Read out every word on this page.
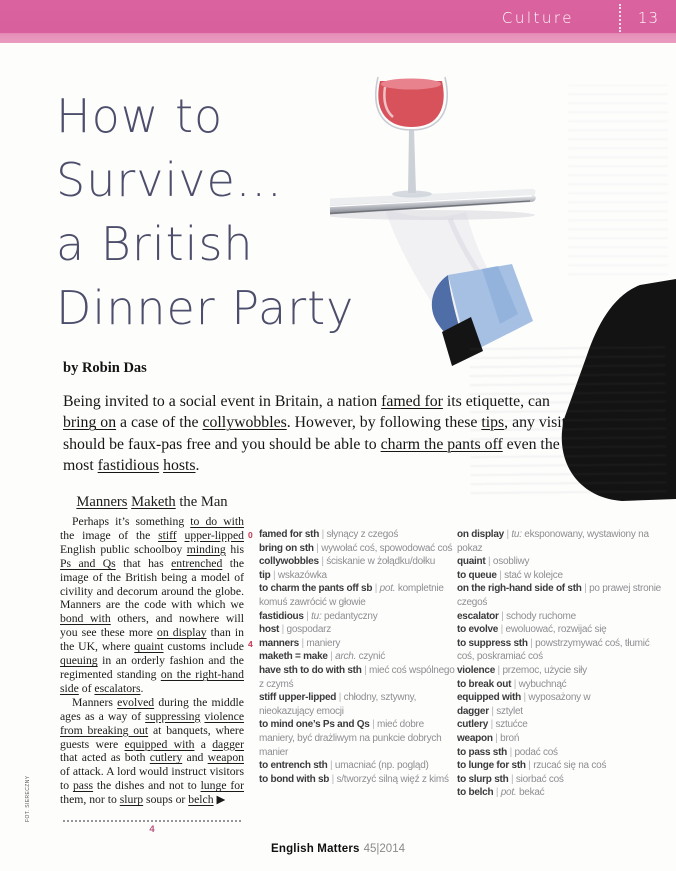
Culture	13
How to
Survive...
a British
Dinner Party
by Robin Das
Being invited to a social event in Britain, a nation famed for its etiquette, can
bring on a case of the collywobbles. However, by following these tips, any visit
should be faux-pas free and you should be able to charm the pants off even the
most fastidious hosts.
Manners Maketh the Man

Perhaps it’s something to do with the image of the stiff upper-lipped English public schoolboy minding his Ps and Qs that has entrenched the image of the British being a model of civility and decorum around the globe. Manners are the code with which we bond with others, and nowhere will you see these more on display than in the UK, where quaint customs include queuing in an orderly fashion and the regimented standing on the right-hand side of escalators.

Manners evolved during the middle ages as a way of suppressing violence from breaking out at banquets, where guests were equipped with a dagger that acted as both cutlery and weapon of attack. A lord would instruct visitors to pass the dishes and not to lunge for them, nor to slurp soups or belch ▶

0 famed for sth | słynący z czegoś
bring on sth | wywołać coś, spowodować coś
collywobbles | ściskanie w żołądku/dołku
tip | wskazówka
to charm the pants off sb | pot. kompletnie komuś zawrócić w głowie
fastidious | tu: pedantyczny
host | gospodarz
4 manners | maniery
maketh = make | arch. czynić
have sth to do with sth | mieć coś wspólnego z czymś
stiff upper-lipped | chłodny, sztywny, nieokazujący emocji
to mind one’s Ps and Qs | mieć dobre maniery, być drażliwym na punkcie dobrych manier
to entrench sth | umacniać (np. pogląd)
to bond with sb | s/tworzyć silną więź z kimś
on display | tu: eksponowany, wystawiony na pokaz
quaint | osobliwy
to queue | stać w kolejce
on the righ-hand side of sth | po prawej stronie czegoś
escalator | schody ruchome
to evolve | ewoluować, rozwijać się
to suppress sth | powstrzymywać coś, tłumić coś, poskramiać coś
violence | przemoc, użycie siły
to break out | wybuchnąć
equipped with | wyposażony w
dagger | sztylet
cutlery | sztućce
weapon | broń
to pass sth | podać coś
to lunge for sth | rzucać się na coś
to slurp sth | siorbać coś
to belch | pot. bekać
4
FOT. SIERECZNY
English Matters 45|2014
